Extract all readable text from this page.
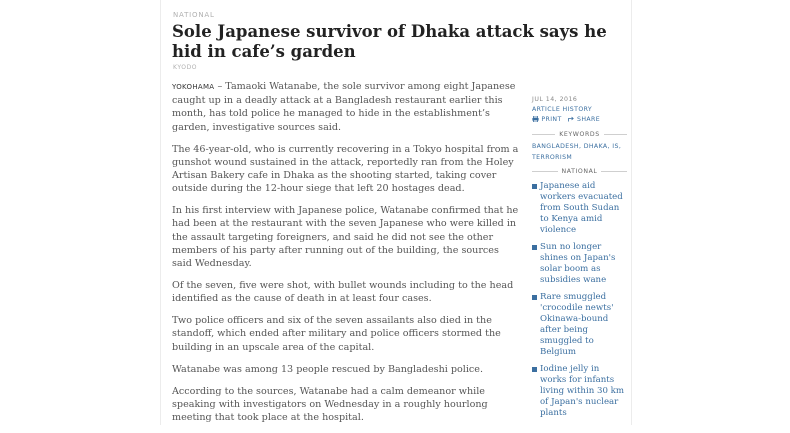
NATIONAL
Sole Japanese survivor of Dhaka attack says he hid in cafe’s garden
KYODO

YOKOHAMA – Tamaoki Watanabe, the sole survivor among eight Japanese caught up in a deadly attack at a Bangladesh restaurant earlier this month, has told police he managed to hide in the establishment’s garden, investigative sources said.

The 46-year-old, who is currently recovering in a Tokyo hospital from a gunshot wound sustained in the attack, reportedly ran from the Holey Artisan Bakery cafe in Dhaka as the shooting started, taking cover outside during the 12-hour siege that left 20 hostages dead.

In his first interview with Japanese police, Watanabe confirmed that he had been at the restaurant with the seven Japanese who were killed in the assault targeting foreigners, and said he did not see the other members of his party after running out of the building, the sources said Wednesday.

Of the seven, five were shot, with bullet wounds including to the head identified as the cause of death in at least four cases.

Two police officers and six of the seven assailants also died in the standoff, which ended after military and police officers stormed the building in an upscale area of the capital.

Watanabe was among 13 people rescued by Bangladeshi police.

According to the sources, Watanabe had a calm demeanor while speaking with investigators on Wednesday in a roughly hourlong meeting that took place at the hospital.

JUL 14, 2016
ARTICLE HISTORY
PRINT	SHARE
KEYWORDS
BANGLADESH, DHAKA, IS, TERRORISM
NATIONAL
Japanese aid workers evacuated from South Sudan to Kenya amid violence
Sun no longer shines on Japan's solar boom as subsidies wane
Rare smuggled 'crocodile newts' Okinawa-bound after being smuggled to Belgium
Iodine jelly in works for infants living within 30 km of Japan's nuclear plants
